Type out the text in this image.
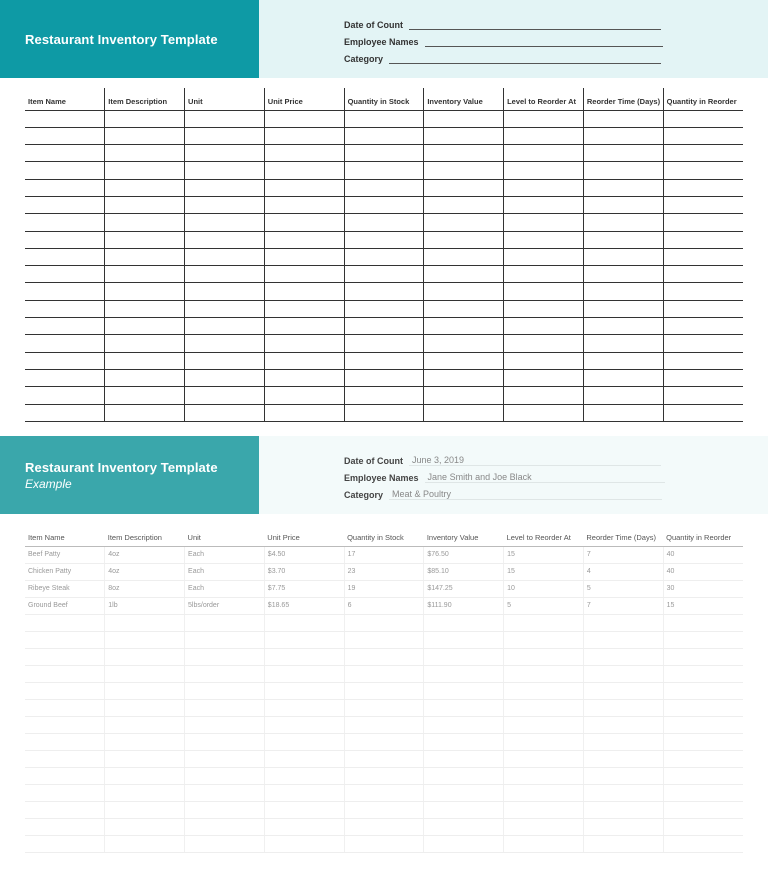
Restaurant Inventory Template
Date of Count
Employee Names
Category
Item Name	Item Description	Unit	Unit Price	Quantity in Stock	Inventory Value	Level to Reorder At	Reorder Time (Days)	Quantity in Reorder

Restaurant Inventory Template
Example
Date of Count	June 3, 2019
Employee Names	Jane Smith and Joe Black
Category	Meat & Poultry
Item Name	Item Description	Unit	Unit Price	Quantity in Stock	Inventory Value	Level to Reorder At	Reorder Time (Days)	Quantity in Reorder
Beef Patty	4oz	Each	$4.50	17	$76.50	15	7	40
Chicken Patty	4oz	Each	$3.70	23	$85.10	15	4	40
Ribeye Steak	8oz	Each	$7.75	19	$147.25	10	5	30
Ground Beef	1lb	5lbs/order	$18.65	6	$111.90	5	7	15
